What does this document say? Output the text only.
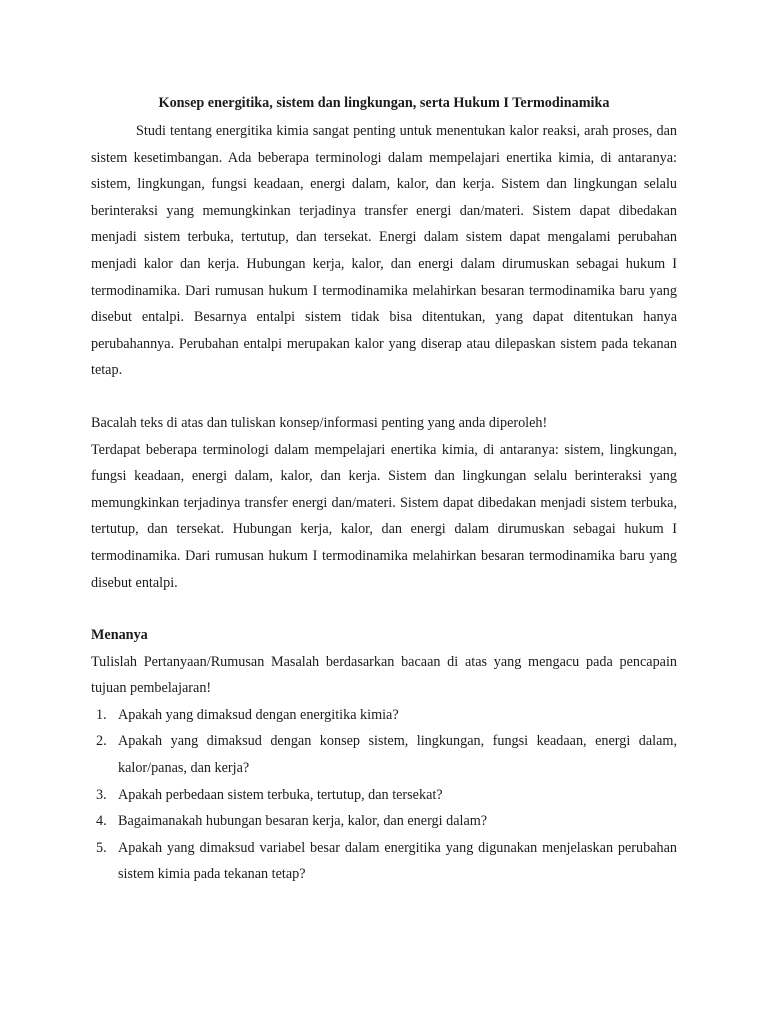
Konsep energitika, sistem dan lingkungan, serta Hukum I Termodinamika

Studi tentang energitika kimia sangat penting untuk menentukan kalor reaksi, arah proses, dan sistem kesetimbangan. Ada beberapa terminologi dalam mempelajari enertika kimia, di antaranya: sistem, lingkungan, fungsi keadaan, energi dalam, kalor, dan kerja. Sistem dan lingkungan selalu berinteraksi yang memungkinkan terjadinya transfer energi dan/materi. Sistem dapat dibedakan menjadi sistem terbuka, tertutup, dan tersekat. Energi dalam sistem dapat mengalami perubahan menjadi kalor dan kerja. Hubungan kerja, kalor, dan energi dalam dirumuskan sebagai hukum I termodinamika. Dari rumusan hukum I termodinamika melahirkan besaran termodinamika baru yang disebut entalpi. Besarnya entalpi sistem tidak bisa ditentukan, yang dapat ditentukan hanya perubahannya. Perubahan entalpi merupakan kalor yang diserap atau dilepaskan sistem pada tekanan tetap.

Bacalah teks di atas dan tuliskan konsep/informasi penting yang anda diperoleh!

Terdapat beberapa terminologi dalam mempelajari enertika kimia, di antaranya: sistem, lingkungan, fungsi keadaan, energi dalam, kalor, dan kerja. Sistem dan lingkungan selalu berinteraksi yang memungkinkan terjadinya transfer energi dan/materi. Sistem dapat dibedakan menjadi sistem terbuka, tertutup, dan tersekat. Hubungan kerja, kalor, dan energi dalam dirumuskan sebagai hukum I termodinamika. Dari rumusan hukum I termodinamika melahirkan besaran termodinamika baru yang disebut entalpi.

Menanya

Tulislah Pertanyaan/Rumusan Masalah berdasarkan bacaan di atas yang mengacu pada pencapain tujuan pembelajaran!

1. Apakah yang dimaksud dengan energitika kimia?
2. Apakah yang dimaksud dengan konsep sistem, lingkungan, fungsi keadaan, energi dalam, kalor/panas, dan kerja?
3. Apakah perbedaan sistem terbuka, tertutup, dan tersekat?
4. Bagaimanakah hubungan besaran kerja, kalor, dan energi dalam?
5. Apakah yang dimaksud variabel besar dalam energitika yang digunakan menjelaskan perubahan sistem kimia pada tekanan tetap?
